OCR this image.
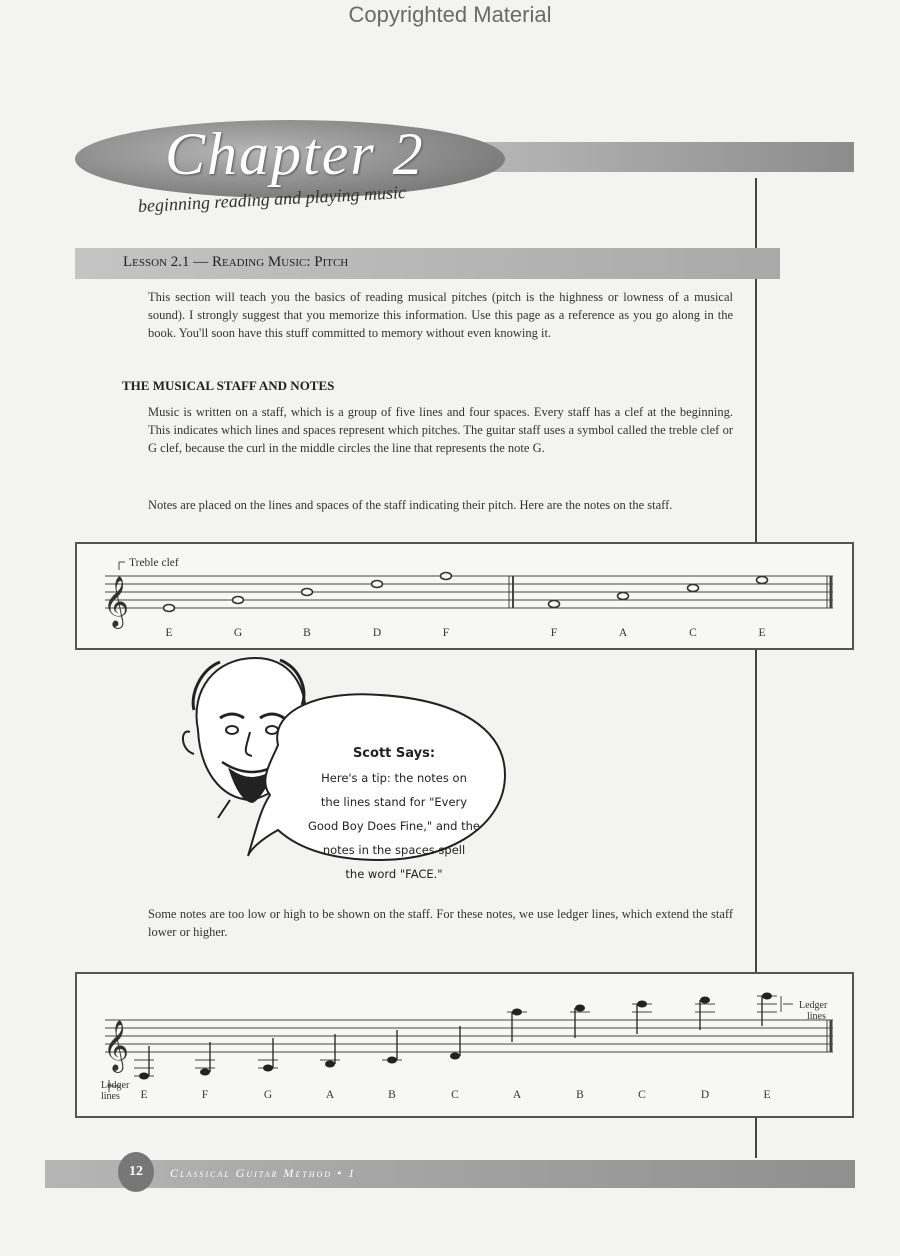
Copyrighted Material
Chapter 2
beginning reading and playing music
Lesson 2.1 — Reading Music: Pitch
This section will teach you the basics of reading musical pitches (pitch is the highness or lowness of a musical sound). I strongly suggest that you memorize this information. Use this page as a reference as you go along in the book. You'll soon have this stuff committed to memory without even knowing it.
THE MUSICAL STAFF AND NOTES
Music is written on a staff, which is a group of five lines and four spaces. Every staff has a clef at the beginning. This indicates which lines and spaces represent which pitches. The guitar staff uses a symbol called the treble clef or G clef, because the curl in the middle circles the line that represents the note G.
Notes are placed on the lines and spaces of the staff indicating their pitch. Here are the notes on the staff.
𝄞
Treble clef
E	G	B	D	F	F	A	C	E
Scott Says:
Here's a tip: the notes on
the lines stand for "Every
Good Boy Does Fine," and the
notes in the spaces spell
the word "FACE."
Some notes are too low or high to be shown on the staff. For these notes, we use ledger lines, which extend the staff lower or higher.
𝄞
Ledger
lines
Ledger
lines
E	F	G	A	B	C	A	B	C	D	E
12	Classical Guitar Method • 1
